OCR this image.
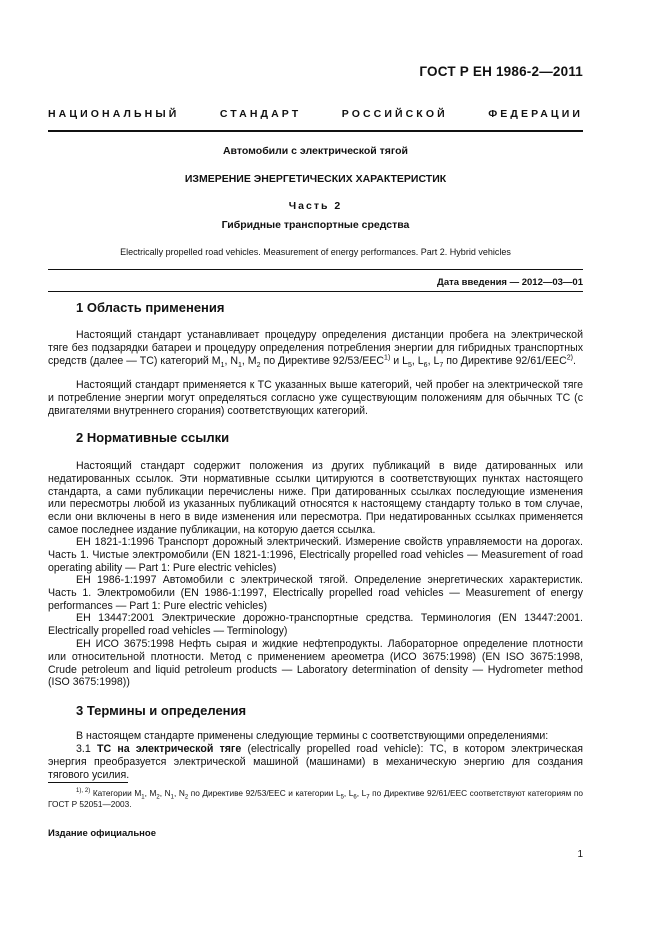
ГОСТ Р ЕН 1986-2—2011
НАЦИОНАЛЬНЫЙ СТАНДАРТ РОССИЙСКОЙ ФЕДЕРАЦИИ
Автомобили с электрической тягой
ИЗМЕРЕНИЕ ЭНЕРГЕТИЧЕСКИХ ХАРАКТЕРИСТИК
Часть 2
Гибридные транспортные средства
Electrically propelled road vehicles. Measurement of energy performances. Part 2. Hybrid vehicles
Дата введения — 2012—03—01
1 Область применения

Настоящий стандарт устанавливает процедуру определения дистанции пробега на электрической тяге без подзарядки батареи и процедуру определения потребления энергии для гибридных транспортных средств (далее — ТС) категорий $M_1$, $N_1$, $M_2$ по Директиве 92/53/EEC$^{1)}$ и $L_5$, $L_6$, $L_7$ по Директиве 92/61/EEC$^{2)}$.

Настоящий стандарт применяется к ТС указанных выше категорий, чей пробег на электрической тяге и потребление энергии могут определяться согласно уже существующим положениям для обычных ТС (с двигателями внутреннего сгорания) соответствующих категорий.

2 Нормативные ссылки

Настоящий стандарт содержит положения из других публикаций в виде датированных или недатированных ссылок. Эти нормативные ссылки цитируются в соответствующих пунктах настоящего стандарта, а сами публикации перечислены ниже. При датированных ссылках последующие изменения или пересмотры любой из указанных публикаций относятся к настоящему стандарту только в том случае, если они включены в него в виде изменения или пересмотра. При недатированных ссылках применяется самое последнее издание публикации, на которую дается ссылка.

ЕН 1821-1:1996 Транспорт дорожный электрический. Измерение свойств управляемости на дорогах. Часть 1. Чистые электромобили (EN 1821-1:1996, Electrically propelled road vehicles — Measurement of road operating ability — Part 1: Pure electric vehicles)

ЕН 1986-1:1997 Автомобили с электрической тягой. Определение энергетических характеристик. Часть 1. Электромобили (EN 1986-1:1997, Electrically propelled road vehicles — Measurement of energy performances — Part 1: Pure electric vehicles)

ЕН 13447:2001 Электрические дорожно-транспортные средства. Терминология (EN 13447:2001. Electrically propelled road vehicles — Terminology)

ЕН ИСО 3675:1998 Нефть сырая и жидкие нефтепродукты. Лабораторное определение плотности или относительной плотности. Метод с применением ареометра (ИСО 3675:1998) (EN ISO 3675:1998, Crude petroleum and liquid petroleum products — Laboratory determination of density — Hydrometer method (ISO 3675:1998))

3 Термины и определения

В настоящем стандарте применены следующие термины с соответствующими определениями:

3.1 ТС на электрической тяге (electrically propelled road vehicle): ТС, в котором электрическая энергия преобразуется электрической машиной (машинами) в механическую энергию для создания тягового усилия.

$^{1), 2)}$ Категории $M_1$, $M_2$, $N_1$, $N_2$ по Директиве 92/53/EEC и категории $L_5$, $L_6$, $L_7$ по Директиве 92/61/EEC соответствуют категориям по ГОСТ Р 52051—2003.
Издание официальное
1
